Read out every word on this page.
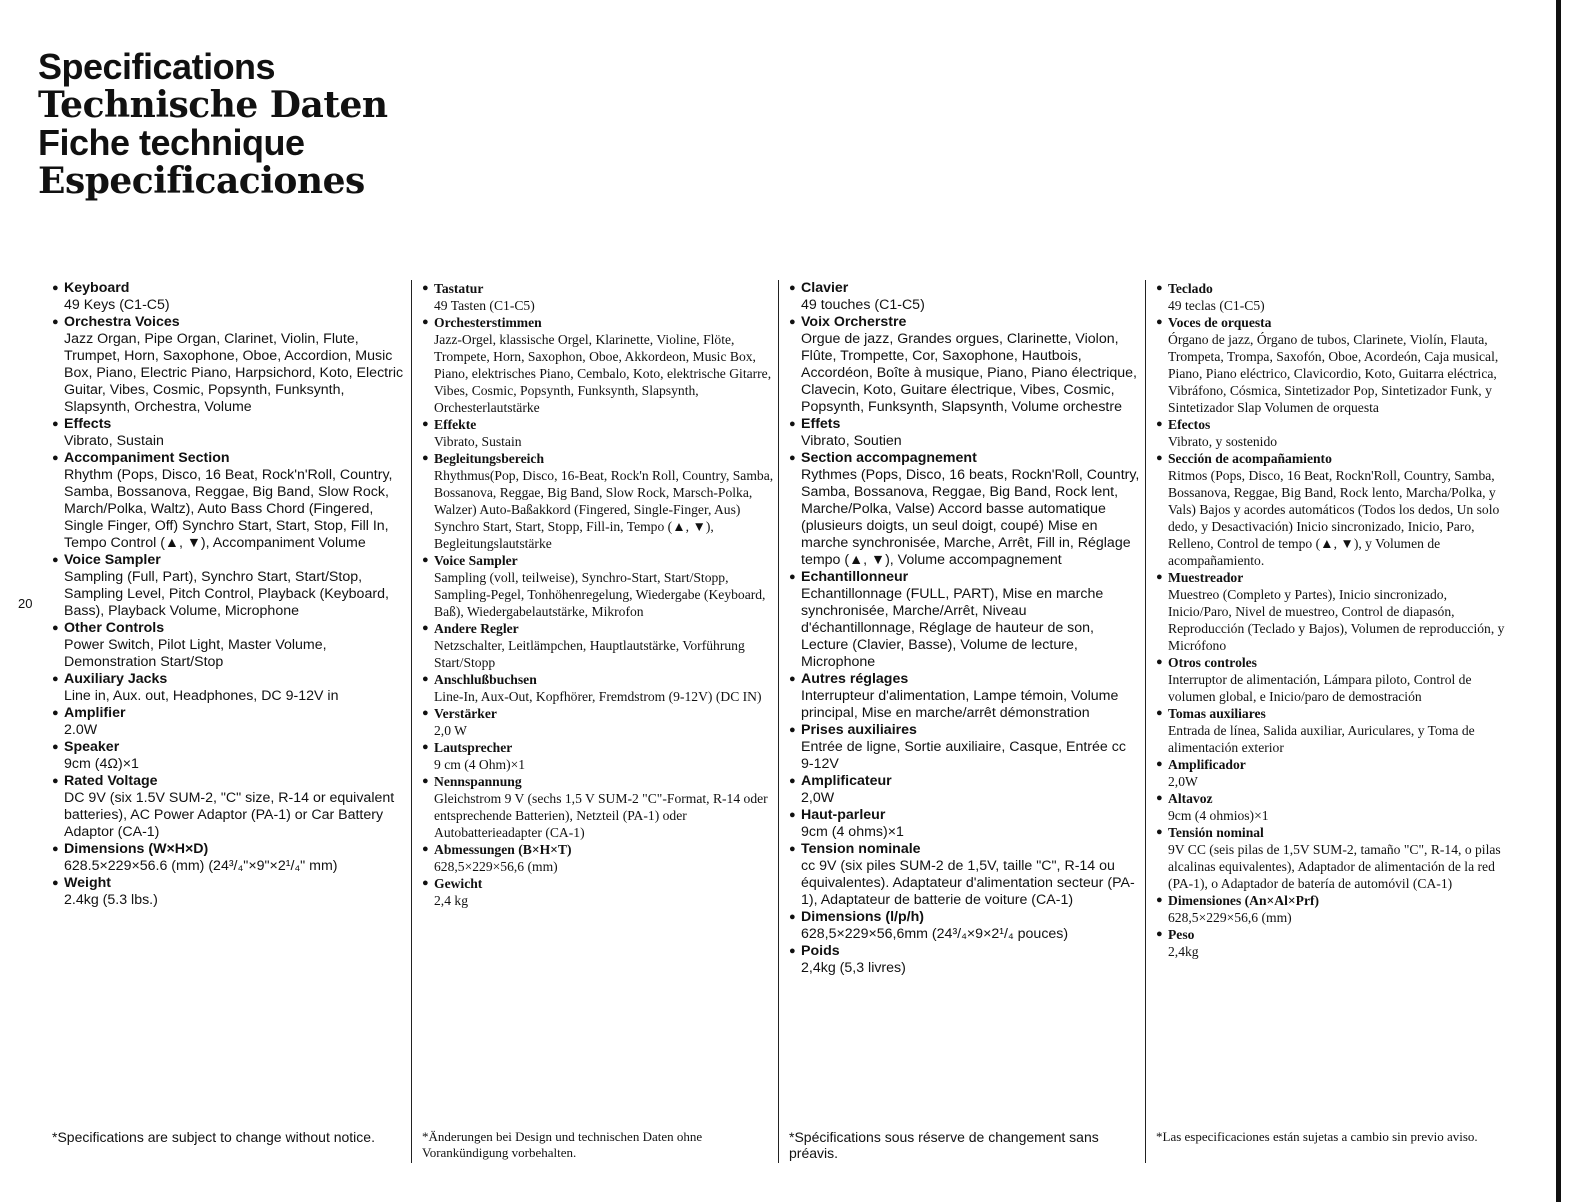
Specifications
Technische Daten
Fiche technique
Especificaciones
20
● Keyboard
49 Keys (C1-C5)
● Orchestra Voices
Jazz Organ, Pipe Organ, Clarinet, Violin, Flute, Trumpet, Horn, Saxophone, Oboe, Accordion, Music Box, Piano, Electric Piano, Harpsichord, Koto, Electric Guitar, Vibes, Cosmic, Popsynth, Funksynth, Slapsynth, Orchestra, Volume
● Effects
Vibrato, Sustain
● Accompaniment Section
Rhythm (Pops, Disco, 16 Beat, Rock'n'Roll, Country, Samba, Bossanova, Reggae, Big Band, Slow Rock, March/Polka, Waltz), Auto Bass Chord (Fingered, Single Finger, Off) Synchro Start, Start, Stop, Fill In, Tempo Control (▲, ▼), Accompaniment Volume
● Voice Sampler
Sampling (Full, Part), Synchro Start, Start/Stop, Sampling Level, Pitch Control, Playback (Keyboard, Bass), Playback Volume, Microphone
● Other Controls
Power Switch, Pilot Light, Master Volume, Demonstration Start/Stop
● Auxiliary Jacks
Line in, Aux. out, Headphones, DC 9-12V in
● Amplifier
2.0W
● Speaker
9cm (4Ω)×1
● Rated Voltage
DC 9V (six 1.5V SUM-2, "C" size, R-14 or equivalent batteries), AC Power Adaptor (PA-1) or Car Battery Adaptor (CA-1)
● Dimensions (W×H×D)
628.5×229×56.6 (mm) (24³/₄"×9"×2¹/₄" mm)
● Weight
2.4kg (5.3 lbs.)
*Specifications are subject to change without notice.
● Tastatur
49 Tasten (C1-C5)
● Orchesterstimmen
Jazz-Orgel, klassische Orgel, Klarinette, Violine, Flöte, Trompete, Horn, Saxophon, Oboe, Akkordeon, Music Box, Piano, elektrisches Piano, Cembalo, Koto, elektrische Gitarre, Vibes, Cosmic, Popsynth, Funksynth, Slapsynth, Orchesterlautstärke
● Effekte
Vibrato, Sustain
● Begleitungsbereich
Rhythmus(Pop, Disco, 16-Beat, Rock'n Roll, Country, Samba, Bossanova, Reggae, Big Band, Slow Rock, Marsch-Polka, Walzer) Auto-Baßakkord (Fingered, Single-Finger, Aus) Synchro Start, Start, Stopp, Fill-in, Tempo (▲, ▼), Begleitungslautstärke
● Voice Sampler
Sampling (voll, teilweise), Synchro-Start, Start/Stopp, Sampling-Pegel, Tonhöhenregelung, Wiedergabe (Keyboard, Baß), Wiedergabelautstärke, Mikrofon
● Andere Regler
Netzschalter, Leitlämpchen, Hauptlautstärke, Vorführung Start/Stopp
● Anschlußbuchsen
Line-In, Aux-Out, Kopfhörer, Fremdstrom (9-12V) (DC IN)
● Verstärker
2,0 W
● Lautsprecher
9 cm (4 Ohm)×1
● Nennspannung
Gleichstrom 9 V (sechs 1,5 V SUM-2 "C"-Format, R-14 oder entsprechende Batterien), Netzteil (PA-1) oder Autobatterieadapter (CA-1)
● Abmessungen (B×H×T)
628,5×229×56,6 (mm)
● Gewicht
2,4 kg
*Änderungen bei Design und technischen Daten ohne Vorankündigung vorbehalten.
● Clavier
49 touches (C1-C5)
● Voix Orcherstre
Orgue de jazz, Grandes orgues, Clarinette, Violon, Flûte, Trompette, Cor, Saxophone, Hautbois, Accordéon, Boîte à musique, Piano, Piano électrique, Clavecin, Koto, Guitare électrique, Vibes, Cosmic, Popsynth, Funksynth, Slapsynth, Volume orchestre
● Effets
Vibrato, Soutien
● Section accompagnement
Rythmes (Pops, Disco, 16 beats, Rockn'Roll, Country, Samba, Bossanova, Reggae, Big Band, Rock lent, Marche/Polka, Valse) Accord basse automatique (plusieurs doigts, un seul doigt, coupé) Mise en marche synchronisée, Marche, Arrêt, Fill in, Réglage tempo (▲, ▼), Volume accompagnement
● Echantillonneur
Echantillonnage (FULL, PART), Mise en marche synchronisée, Marche/Arrêt, Niveau d'échantillonnage, Réglage de hauteur de son, Lecture (Clavier, Basse), Volume de lecture, Microphone
● Autres réglages
Interrupteur d'alimentation, Lampe témoin, Volume principal, Mise en marche/arrêt démonstration
● Prises auxiliaires
Entrée de ligne, Sortie auxiliaire, Casque, Entrée cc 9-12V
● Amplificateur
2,0W
● Haut-parleur
9cm (4 ohms)×1
● Tension nominale
cc 9V (six piles SUM-2 de 1,5V, taille "C", R-14 ou équivalentes). Adaptateur d'alimentation secteur (PA-1), Adaptateur de batterie de voiture (CA-1)
● Dimensions (l/p/h)
628,5×229×56,6mm (24³/₄×9×2¹/₄ pouces)
● Poids
2,4kg (5,3 livres)
*Spécifications sous réserve de changement sans préavis.
● Teclado
49 teclas (C1-C5)
● Voces de orquesta
Órgano de jazz, Órgano de tubos, Clarinete, Violín, Flauta, Trompeta, Trompa, Saxofón, Oboe, Acordeón, Caja musical, Piano, Piano eléctrico, Clavicordio, Koto, Guitarra eléctrica, Vibráfono, Cósmica, Sintetizador Pop, Sintetizador Funk, y Sintetizador Slap Volumen de orquesta
● Efectos
Vibrato, y sostenido
● Sección de acompañamiento
Ritmos (Pops, Disco, 16 Beat, Rockn'Roll, Country, Samba, Bossanova, Reggae, Big Band, Rock lento, Marcha/Polka, y Vals) Bajos y acordes automáticos (Todos los dedos, Un solo dedo, y Desactivación) Inicio sincronizado, Inicio, Paro, Relleno, Control de tempo (▲, ▼), y Volumen de acompañamiento.
● Muestreador
Muestreo (Completo y Partes), Inicio sincronizado, Inicio/Paro, Nivel de muestreo, Control de diapasón, Reproducción (Teclado y Bajos), Volumen de reproducción, y Micrófono
● Otros controles
Interruptor de alimentación, Lámpara piloto, Control de volumen global, e Inicio/paro de demostración
● Tomas auxiliares
Entrada de línea, Salida auxiliar, Auriculares, y Toma de alimentación exterior
● Amplificador
2,0W
● Altavoz
9cm (4 ohmios)×1
● Tensión nominal
9V CC (seis pilas de 1,5V SUM-2, tamaño "C", R-14, o pilas alcalinas equivalentes), Adaptador de alimentación de la red (PA-1), o Adaptador de batería de automóvil (CA-1)
● Dimensiones (An×Al×Prf)
628,5×229×56,6 (mm)
● Peso
2,4kg
*Las especificaciones están sujetas a cambio sin previo aviso.
